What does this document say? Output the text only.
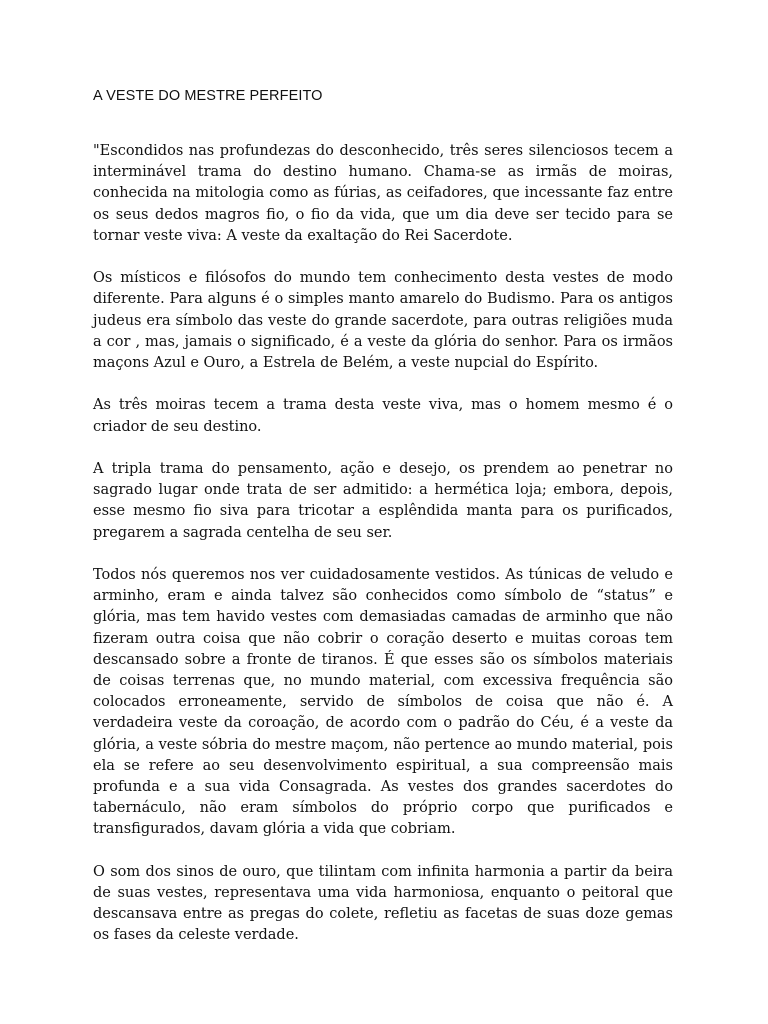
A VESTE DO MESTRE PERFEITO

"Escondidos nas profundezas do desconhecido, três seres silenciosos tecem a interminável trama do destino humano. Chama-se as irmãs de moiras, conhecida na mitologia como as fúrias, as ceifadores, que incessante faz entre os seus dedos magros fio, o fio da vida, que um dia deve ser tecido para se tornar veste viva: A veste da exaltação do Rei Sacerdote.

Os místicos e filósofos do mundo tem conhecimento desta vestes de modo diferente. Para alguns é o simples manto amarelo do Budismo. Para os antigos judeus era símbolo das veste do grande sacerdote, para outras religiões muda a cor , mas, jamais o significado, é a veste da glória do senhor. Para os irmãos maçons Azul e Ouro, a Estrela de Belém, a veste nupcial do Espírito.

As três moiras tecem a trama desta veste viva, mas o homem mesmo é o criador de seu destino.

A tripla trama do pensamento, ação e desejo, os prendem ao penetrar no sagrado lugar onde trata de ser admitido: a hermética loja; embora, depois, esse mesmo fio siva para tricotar a esplêndida manta para os purificados, pregarem a sagrada centelha de seu ser.

Todos nós queremos nos ver cuidadosamente vestidos. As túnicas de veludo e arminho, eram e ainda talvez são conhecidos como símbolo de “status” e glória, mas tem havido vestes com demasiadas camadas de arminho que não fizeram outra coisa que não cobrir o coração deserto e muitas coroas tem descansado sobre a fronte de tiranos. É que esses são os símbolos materiais de coisas terrenas que, no mundo material, com excessiva frequência são colocados erroneamente, servido de símbolos de coisa que não é. A verdadeira veste da coroação, de acordo com o padrão do Céu, é a veste da glória, a veste sóbria do mestre maçom, não pertence ao mundo material, pois ela se refere ao seu desenvolvimento espiritual, a sua compreensão mais profunda e a sua vida Consagrada. As vestes dos grandes sacerdotes do tabernáculo, não eram símbolos do próprio corpo que purificados e transfigurados, davam glória a vida que cobriam.

O som dos sinos de ouro, que tilintam com infinita harmonia a partir da beira de suas vestes, representava uma vida harmoniosa, enquanto o peitoral que descansava entre as pregas do colete, refletiu as facetas de suas doze gemas os fases da celeste verdade.
